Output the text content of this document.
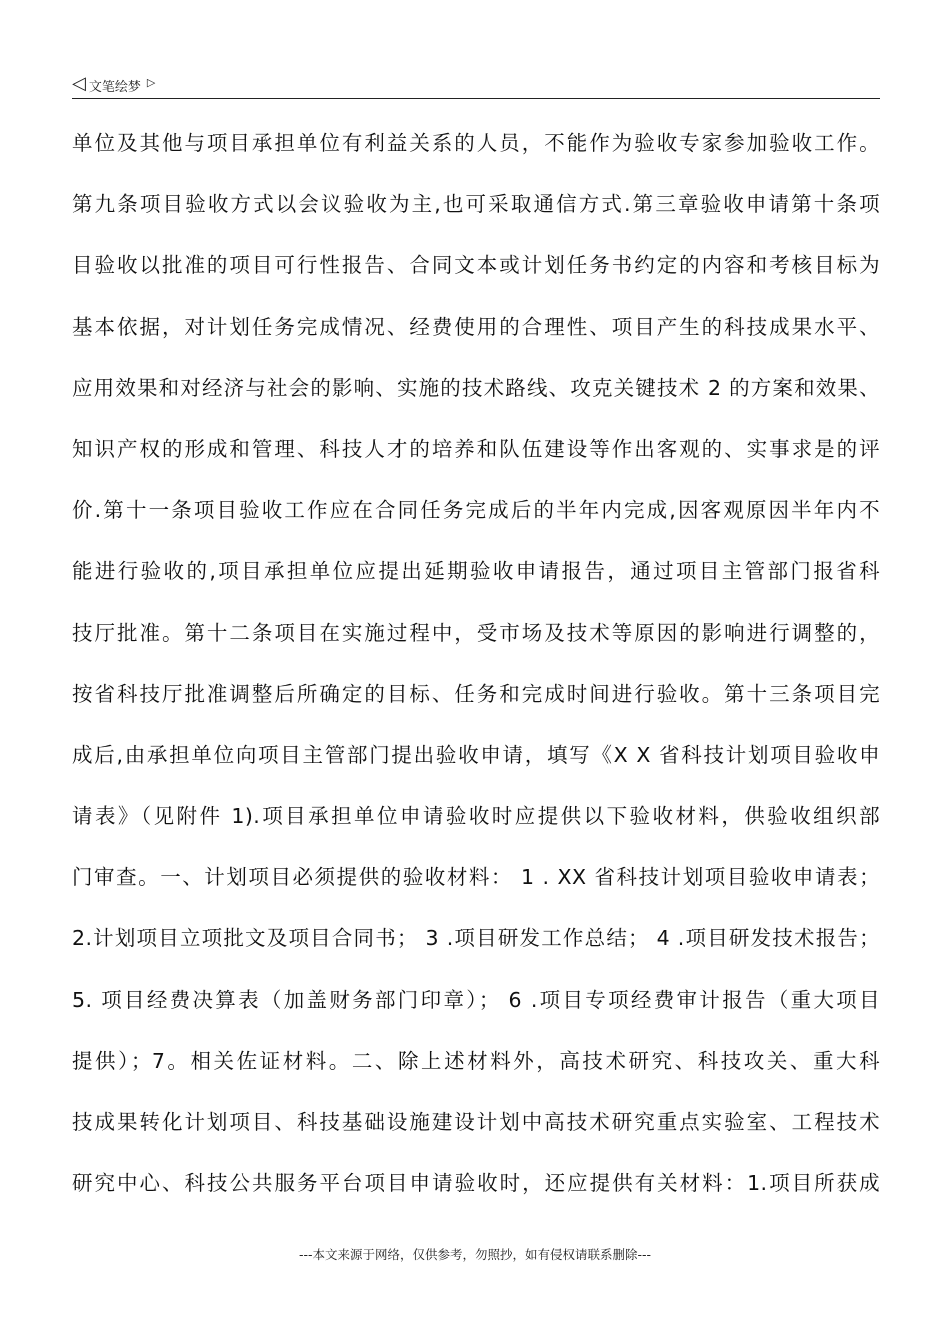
◁ 文笔绘梦 ▷
单位及其他与项目承担单位有利益关系的人员，不能作为验收专家参加验收工作。
第九条项目验收方式以会议验收为主,也可采取通信方式.第三章验收申请第十条项
目验收以批准的项目可行性报告、合同文本或计划任务书约定的内容和考核目标为
基本依据，对计划任务完成情况、经费使用的合理性、项目产生的科技成果水平、
应用效果和对经济与社会的影响、实施的技术路线、攻克关键技术 2 的方案和效果、
知识产权的形成和管理、科技人才的培养和队伍建设等作出客观的、实事求是的评
价.第十一条项目验收工作应在合同任务完成后的半年内完成,因客观原因半年内不
能进行验收的,项目承担单位应提出延期验收申请报告，通过项目主管部门报省科
技厅批准。第十二条项目在实施过程中，受市场及技术等原因的影响进行调整的，
按省科技厅批准调整后所确定的目标、任务和完成时间进行验收。第十三条项目完
成后,由承担单位向项目主管部门提出验收申请，填写《X X 省科技计划项目验收申
请表》（见附件 1).项目承担单位申请验收时应提供以下验收材料，供验收组织部
门审查。一、计划项目必须提供的验收材料： 1 . XX 省科技计划项目验收申请表；
2.计划项目立项批文及项目合同书； 3 .项目研发工作总结； 4 .项目研发技术报告；
5. 项目经费决算表（加盖财务部门印章）； 6 .项目专项经费审计报告（重大项目
提供）；7。相关佐证材料。二、除上述材料外，高技术研究、科技攻关、重大科
技成果转化计划项目、科技基础设施建设计划中高技术研究重点实验室、工程技术
研究中心、科技公共服务平台项目申请验收时，还应提供有关材料：1.项目所获成
---本文来源于网络，仅供参考，勿照抄，如有侵权请联系删除---
